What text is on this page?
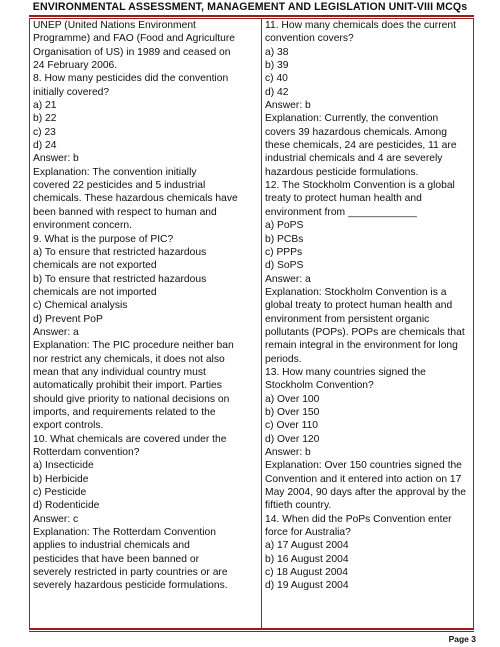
ENVIRONMENTAL ASSESSMENT, MANAGEMENT AND LEGISLATION UNIT-VIII MCQs
UNEP (United Nations Environment
Programme) and FAO (Food and Agriculture
Organisation of US) in 1989 and ceased on
24 February 2006.
8. How many pesticides did the convention
initially covered?
a) 21
b) 22
c) 23
d) 24
Answer: b
Explanation: The convention initially
covered 22 pesticides and 5 industrial
chemicals. These hazardous chemicals have
been banned with respect to human and
environment concern.
9. What is the purpose of PIC?
a) To ensure that restricted hazardous
chemicals are not exported
b) To ensure that restricted hazardous
chemicals are not imported
c) Chemical analysis
d) Prevent PoP
Answer: a
Explanation: The PIC procedure neither ban
nor restrict any chemicals, it does not also
mean that any individual country must
automatically prohibit their import. Parties
should give priority to national decisions on
imports, and requirements related to the
export controls.
10. What chemicals are covered under the
Rotterdam convention?
a) Insecticide
b) Herbicide
c) Pesticide
d) Rodenticide
Answer: c
Explanation: The Rotterdam Convention
applies to industrial chemicals and
pesticides that have been banned or
severely restricted in party countries or are
severely hazardous pesticide formulations.
11. How many chemicals does the current
convention covers?
a) 38
b) 39
c) 40
d) 42
Answer: b
Explanation: Currently, the convention
covers 39 hazardous chemicals. Among
these chemicals, 24 are pesticides, 11 are
industrial chemicals and 4 are severely
hazardous pesticide formulations.
12. The Stockholm Convention is a global
treaty to protect human health and
environment from ____________
a) PoPS
b) PCBs
c) PPPs
d) SoPS
Answer: a
Explanation: Stockholm Convention is a
global treaty to protect human health and
environment from persistent organic
pollutants (POPs). POPs are chemicals that
remain integral in the environment for long
periods.
13. How many countries signed the
Stockholm Convention?
a) Over 100
b) Over 150
c) Over 110
d) Over 120
Answer: b
Explanation: Over 150 countries signed the
Convention and it entered into action on 17
May 2004, 90 days after the approval by the
fiftieth country.
14. When did the PoPs Convention enter
force for Australia?
a) 17 August 2004
b) 16 August 2004
c) 18 August 2004
d) 19 August 2004
Page 3
